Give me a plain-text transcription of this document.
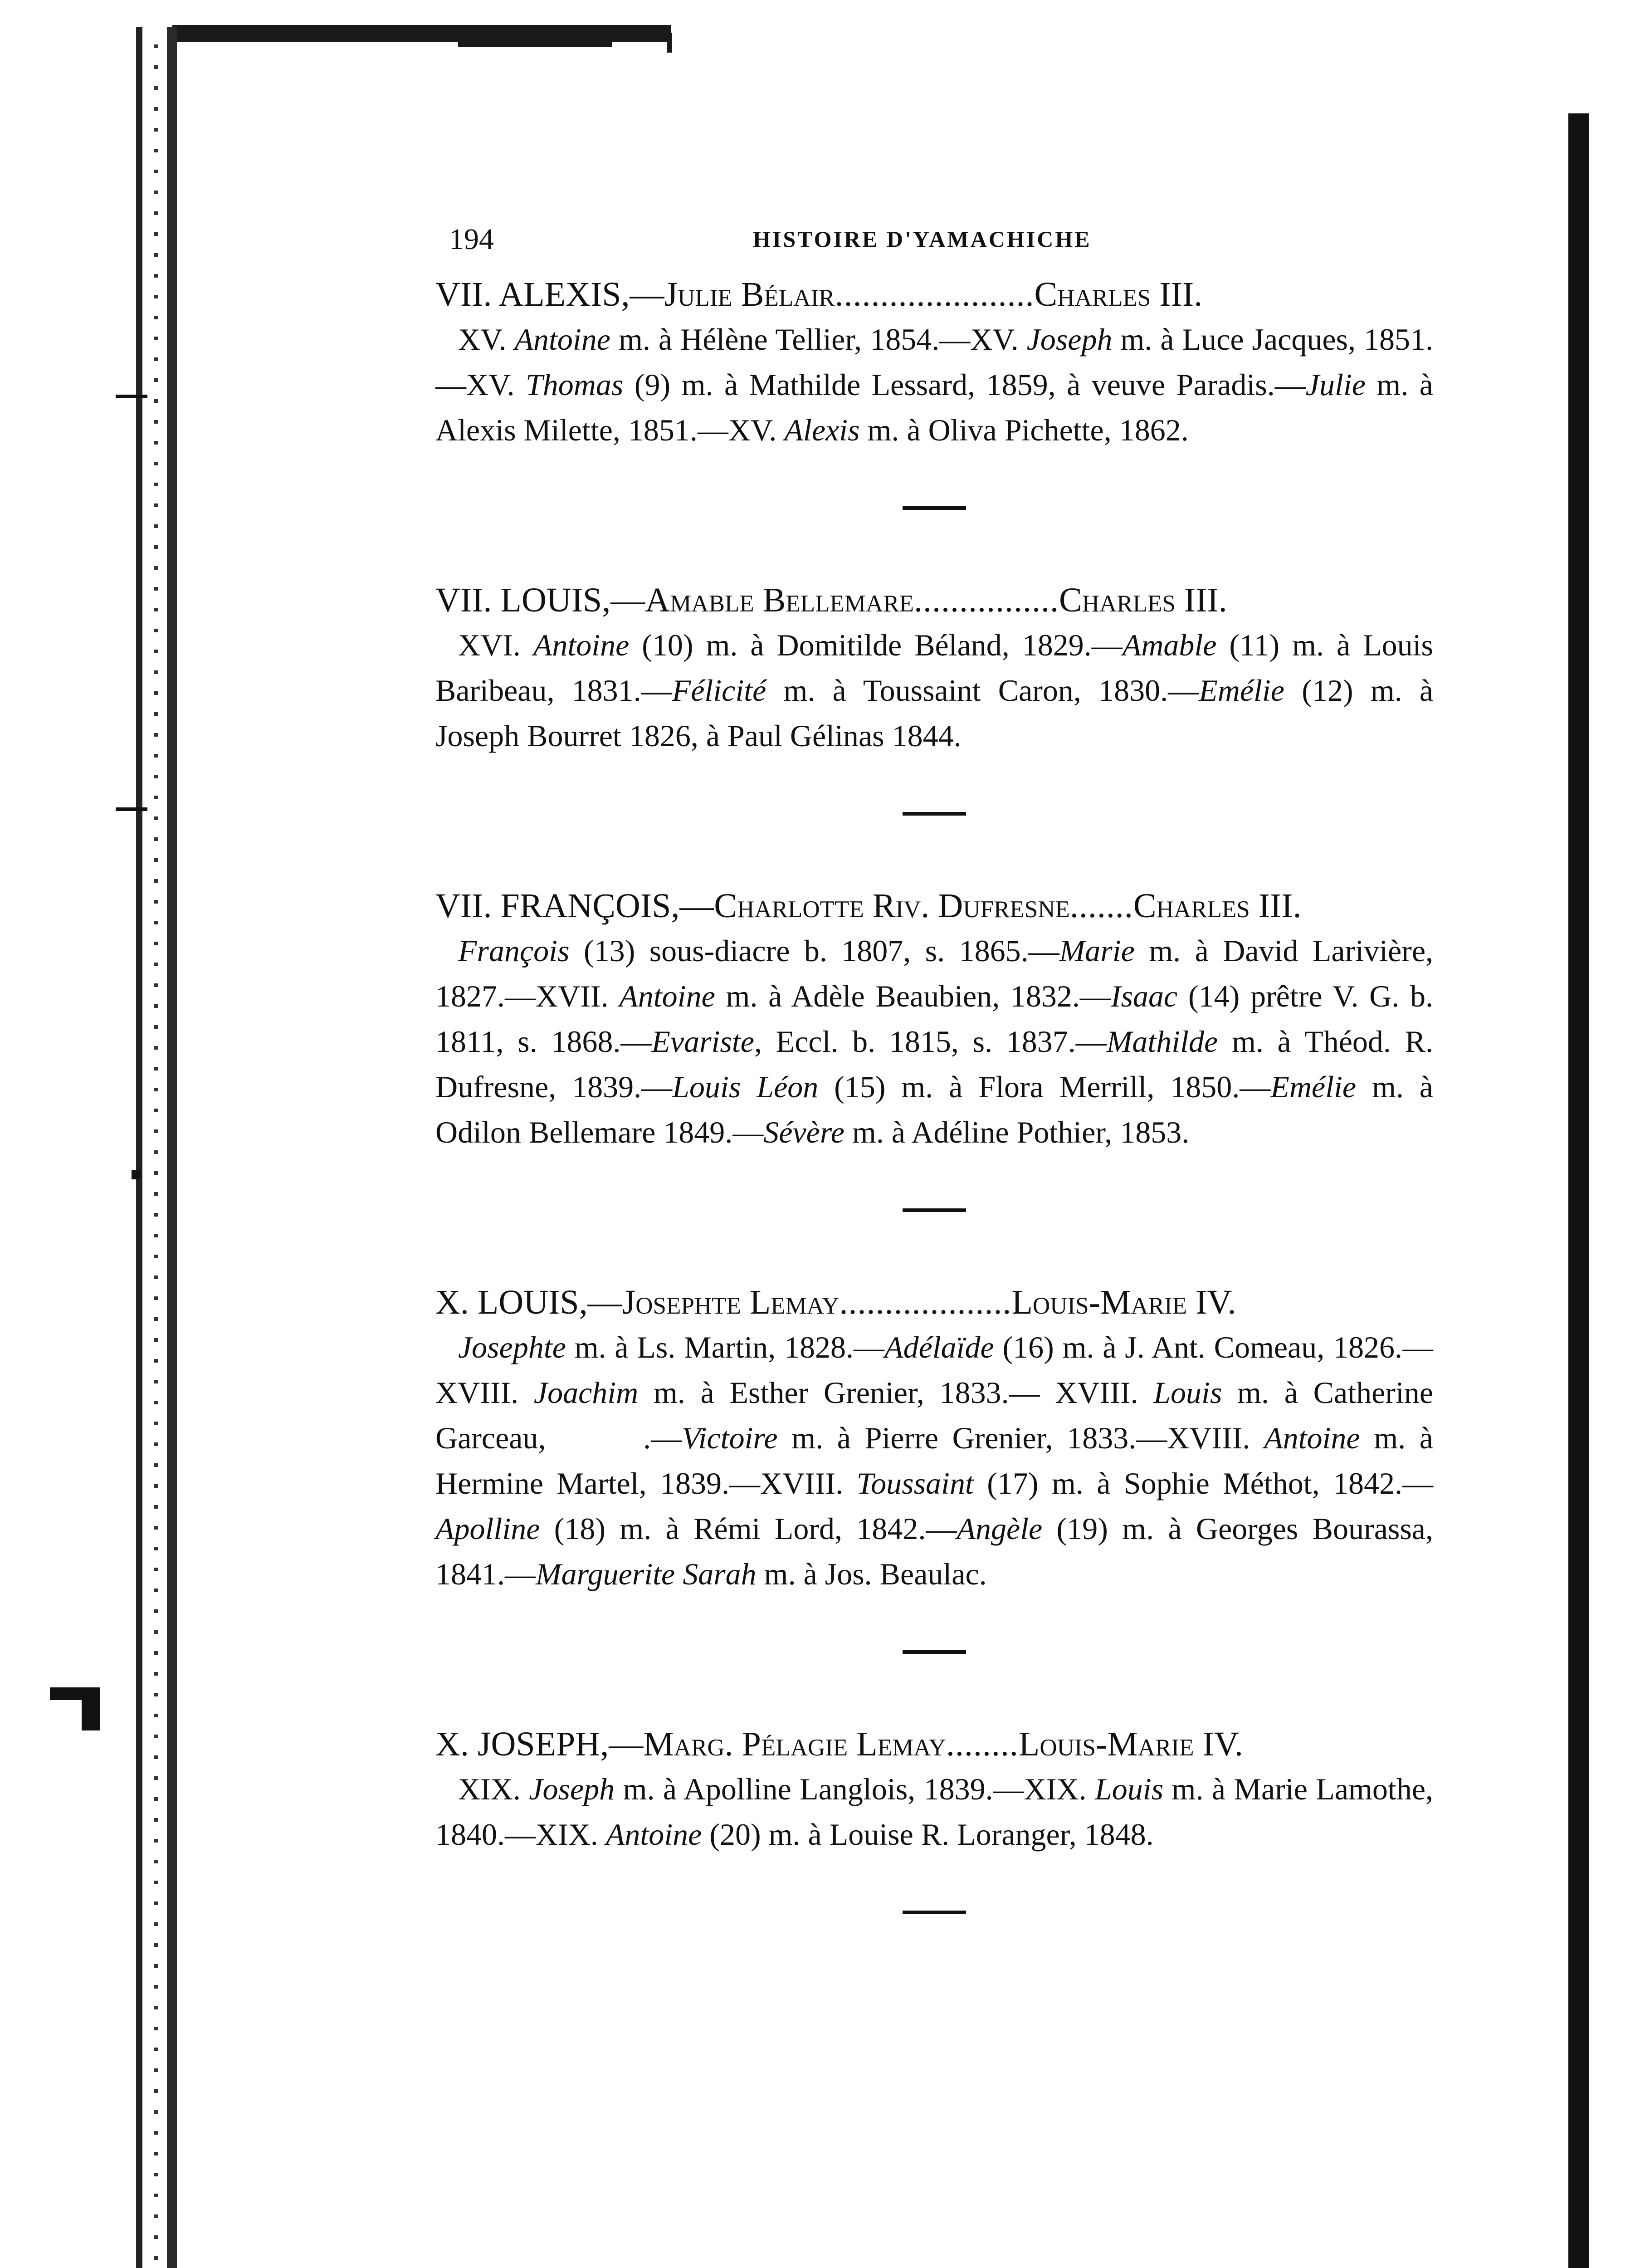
194	HISTOIRE D'YAMACHICHE
VII. ALEXIS,—Julie Bélair......................Charles III.
XV. Antoine m. à Hélène Tellier, 1854.—XV. Joseph m. à Luce Jacques, 1851.—XV. Thomas (9) m. à Mathilde Lessard, 1859, à veuve Paradis.—Julie m. à Alexis Milette, 1851.—XV. Alexis m. à Oliva Pichette, 1862.
VII. LOUIS,—Amable Bellemare................Charles III.
XVI. Antoine (10) m. à Domitilde Béland, 1829.—Amable (11) m. à Louis Baribeau, 1831.—Félicité m. à Toussaint Caron, 1830.—Emélie (12) m. à Joseph Bourret 1826, à Paul Gélinas 1844.
VII. FRANÇOIS,—Charlotte Riv. Dufresne.......Charles III.
François (13) sous-diacre b. 1807, s. 1865.—Marie m. à David Larivière, 1827.—XVII. Antoine m. à Adèle Beaubien, 1832.—Isaac (14) prêtre V. G. b. 1811, s. 1868.—Evariste, Eccl. b. 1815, s. 1837.—Mathilde m. à Théod. R. Dufresne, 1839.—Louis Léon (15) m. à Flora Merrill, 1850.—Emélie m. à Odilon Bellemare 1849.—Sévère m. à Adéline Pothier, 1853.
X. LOUIS,—Josephte Lemay...................Louis-Marie IV.
Josephte m. à Ls. Martin, 1828.—Adélaïde (16) m. à J. Ant. Comeau, 1826.— XVIII. Joachim m. à Esther Grenier, 1833.— XVIII. Louis m. à Catherine Garceau,       .—Victoire m. à Pierre Grenier, 1833.—XVIII. Antoine m. à Hermine Martel, 1839.—XVIII. Toussaint (17) m. à Sophie Méthot, 1842.—Apolline (18) m. à Rémi Lord, 1842.—Angèle (19) m. à Georges Bourassa, 1841.—Marguerite Sarah m. à Jos. Beaulac.
X. JOSEPH,—Marg. Pélagie Lemay........Louis-Marie IV.
XIX. Joseph m. à Apolline Langlois, 1839.—XIX. Louis m. à Marie Lamothe, 1840.—XIX. Antoine (20) m. à Louise R. Loranger, 1848.
